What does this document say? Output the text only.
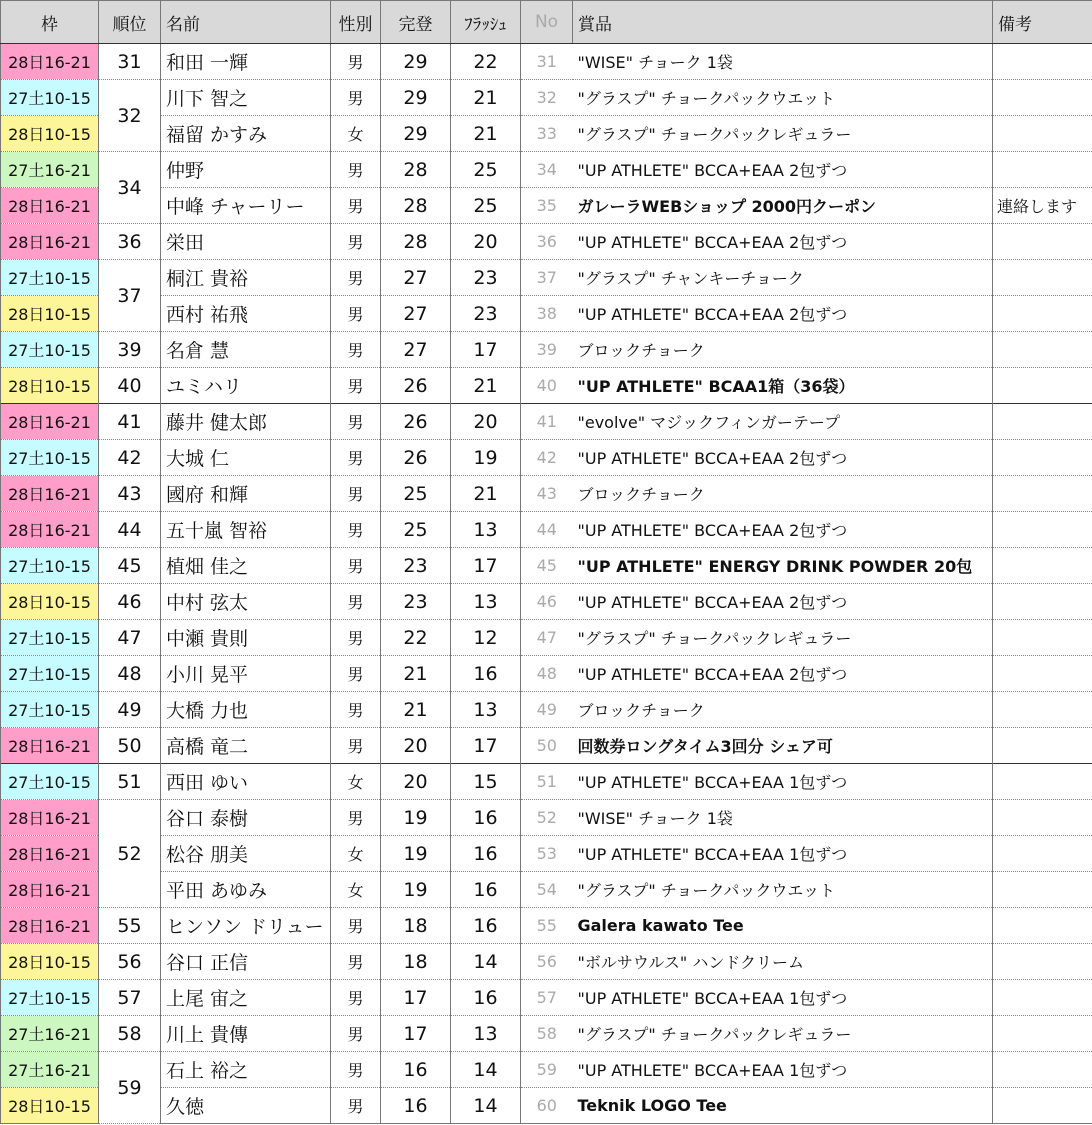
枠	順位	名前	性別	完登	ﾌﾗｯｼｭ	No	賞品	備考
28日16-21	31	和田 一輝	男	29	22	31	"WISE" チョーク 1袋	
27土10-15	32	川下 智之	男	29	21	32	"グラスプ" チョークパックウエット	
28日10-15		福留 かすみ	女	29	21	33	"グラスプ" チョークパックレギュラー	
27土16-21	34	仲野	男	28	25	34	"UP ATHLETE" BCCA+EAA 2包ずつ	
28日16-21		中峰 チャーリー	男	28	25	35	ガレーラWEBショップ 2000円クーポン	連絡します
28日16-21	36	栄田	男	28	20	36	"UP ATHLETE" BCCA+EAA 2包ずつ	
27土10-15	37	桐江 貴裕	男	27	23	37	"グラスプ" チャンキーチョーク	
28日10-15		西村 祐飛	男	27	23	38	"UP ATHLETE" BCCA+EAA 2包ずつ	
27土10-15	39	名倉 慧	男	27	17	39	ブロックチョーク	
28日10-15	40	ユミハリ	男	26	21	40	"UP ATHLETE" BCAA1箱（36袋）	
28日16-21	41	藤井 健太郎	男	26	20	41	"evolve" マジックフィンガーテープ	
27土10-15	42	大城 仁	男	26	19	42	"UP ATHLETE" BCCA+EAA 2包ずつ	
28日16-21	43	國府 和輝	男	25	21	43	ブロックチョーク	
28日16-21	44	五十嵐 智裕	男	25	13	44	"UP ATHLETE" BCCA+EAA 2包ずつ	
27土10-15	45	植畑 佳之	男	23	17	45	"UP ATHLETE" ENERGY DRINK POWDER 20包	
28日10-15	46	中村 弦太	男	23	13	46	"UP ATHLETE" BCCA+EAA 2包ずつ	
27土10-15	47	中瀬 貴則	男	22	12	47	"グラスプ" チョークパックレギュラー	
27土10-15	48	小川 晃平	男	21	16	48	"UP ATHLETE" BCCA+EAA 2包ずつ	
27土10-15	49	大橋 力也	男	21	13	49	ブロックチョーク	
28日16-21	50	高橋 竜二	男	20	17	50	回数券ロングタイム3回分 シェア可	
27土10-15	51	西田 ゆい	女	20	15	51	"UP ATHLETE" BCCA+EAA 1包ずつ	
28日16-21	52	谷口 泰樹	男	19	16	52	"WISE" チョーク 1袋	
28日16-21		松谷 朋美	女	19	16	53	"UP ATHLETE" BCCA+EAA 1包ずつ	
28日16-21		平田 あゆみ	女	19	16	54	"グラスプ" チョークパックウエット	
28日16-21	55	ヒンソン ドリュー	男	18	16	55	Galera kawato Tee	
28日10-15	56	谷口 正信	男	18	14	56	"ボルサウルス" ハンドクリーム	
27土10-15	57	上尾 宙之	男	17	16	57	"UP ATHLETE" BCCA+EAA 1包ずつ	
27土16-21	58	川上 貴傳	男	17	13	58	"グラスプ" チョークパックレギュラー	
27土16-21	59	石上 裕之	男	16	14	59	"UP ATHLETE" BCCA+EAA 1包ずつ	
28日10-15		久徳	男	16	14	60	Teknik LOGO Tee	
